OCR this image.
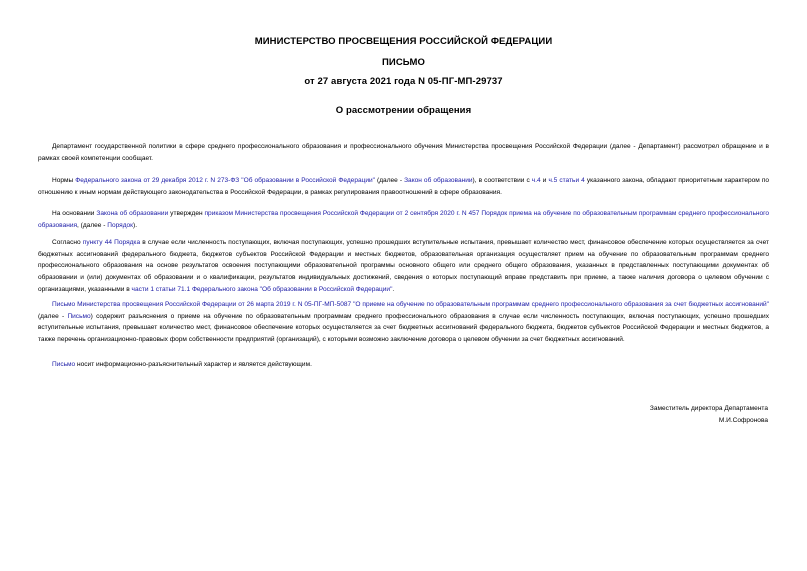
МИНИСТЕРСТВО ПРОСВЕЩЕНИЯ РОССИЙСКОЙ ФЕДЕРАЦИИ
ПИСЬМО
от 27 августа 2021 года N 05-ПГ-МП-29737
О рассмотрении обращения
Департамент государственной политики в сфере среднего профессионального образования и профессионального обучения Министерства просвещения Российской Федерации (далее - Департамент) рассмотрел обращение и в рамках своей компетенции сообщает.
Нормы Федерального закона от 29 декабря 2012 г. N 273-ФЗ "Об образовании в Российской Федерации" (далее - Закон об образовании), в соответствии с ч.4 и ч.5 статьи 4 указанного закона, обладают приоритетным характером по отношению к иным нормам действующего законодательства в Российской Федерации, в рамках регулирования правоотношений в сфере образования.
На основании Закона об образовании утвержден приказом Министерства просвещения Российской Федерации от 2 сентября 2020 г. N 457 Порядок приема на обучение по образовательным программам среднего профессионального образования, (далее - Порядок).
Согласно пункту 44 Порядка в случае если численность поступающих, включая поступающих, успешно прошедших вступительные испытания, превышает количество мест, финансовое обеспечение которых осуществляется за счет бюджетных ассигнований федерального бюджета, бюджетов субъектов Российской Федерации и местных бюджетов, образовательная организация осуществляет прием на обучение по образовательным программам среднего профессионального образования на основе результатов освоения поступающими образовательной программы основного общего или среднего общего образования, указанных в представленных поступающими документах об образовании и (или) документах об образовании и о квалификации, результатов индивидуальных достижений, сведения о которых поступающий вправе представить при приеме, а также наличия договора о целевом обучении с организациями, указанными в части 1 статьи 71.1 Федерального закона "Об образовании в Российской Федерации".
Письмо Министерства просвещения Российской Федерации от 26 марта 2019 г. N 05-ПГ-МП-5087 "О приеме на обучение по образовательным программам среднего профессионального образования за счет бюджетных ассигнований" (далее - Письмо) содержит разъяснения о приеме на обучение по образовательным программам среднего профессионального образования в случае если численность поступающих, включая поступающих, успешно прошедших вступительные испытания, превышает количество мест, финансовое обеспечение которых осуществляется за счет бюджетных ассигнований федерального бюджета, бюджетов субъектов Российской Федерации и местных бюджетов, а также перечень организационно-правовых форм собственности предприятий (организаций), с которыми возможно заключение договора о целевом обучении за счет бюджетных ассигнований.
Письмо носит информационно-разъяснительный характер и является действующим.
Заместитель директора Департамента
М.И.Софронова
